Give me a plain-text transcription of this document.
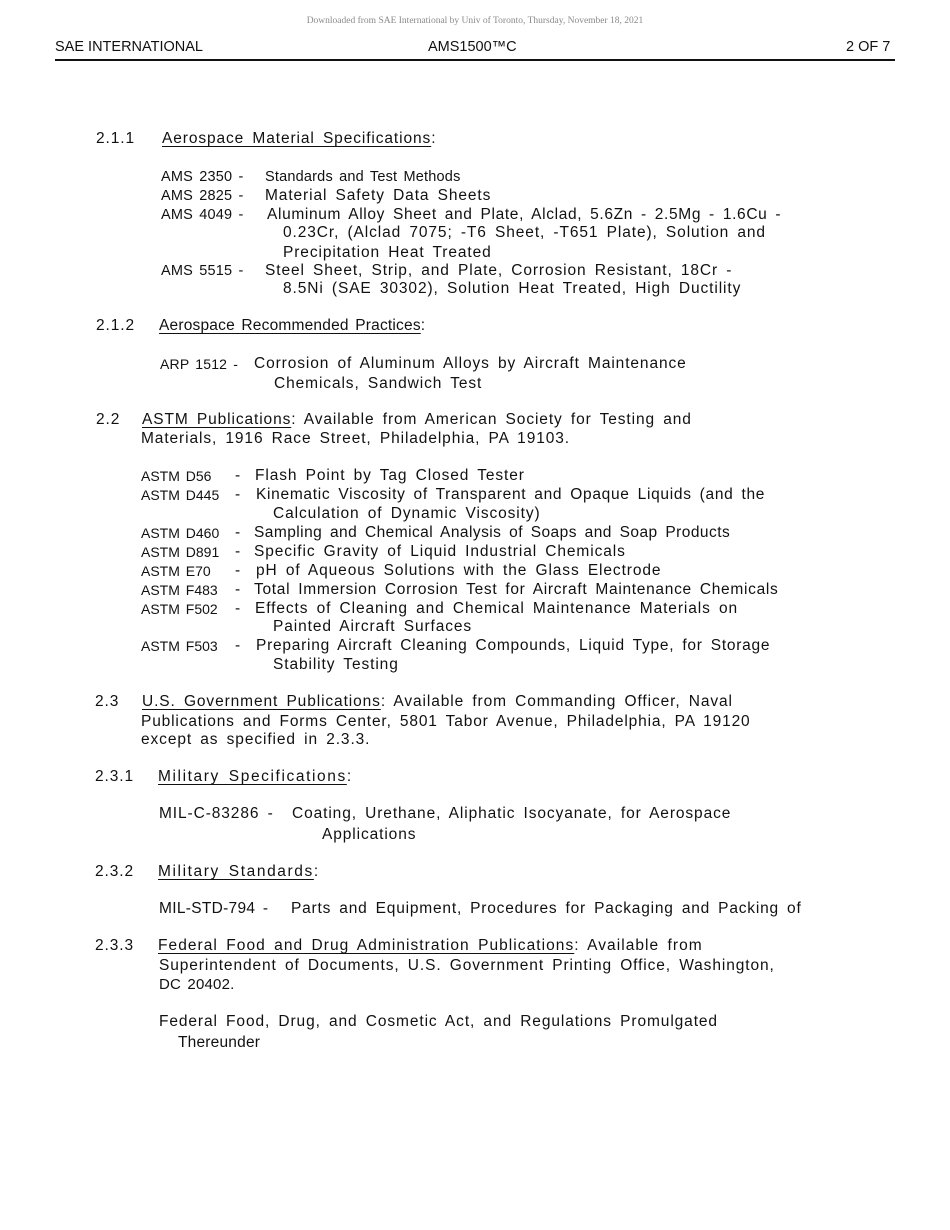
Downloaded from SAE International by Univ of Toronto, Thursday, November 18, 2021
SAE INTERNATIONAL	AMS1500™C	2 OF 7
2.1.1 Aerospace Material Specifications:
AMS 2350 - Standards and Test Methods
AMS 2825 - Material Safety Data Sheets
AMS 4049 - Aluminum Alloy Sheet and Plate, Alclad, 5.6Zn - 2.5Mg - 1.6Cu -
0.23Cr, (Alclad 7075; -T6 Sheet, -T651 Plate), Solution and
Precipitation Heat Treated
AMS 5515 - Steel Sheet, Strip, and Plate, Corrosion Resistant, 18Cr -
8.5Ni (SAE 30302), Solution Heat Treated, High Ductility
2.1.2 Aerospace Recommended Practices:
ARP 1512 - Corrosion of Aluminum Alloys by Aircraft Maintenance
Chemicals, Sandwich Test
2.2 ASTM Publications: Available from American Society for Testing and
Materials, 1916 Race Street, Philadelphia, PA 19103.
ASTM D56 - Flash Point by Tag Closed Tester
ASTM D445 - Kinematic Viscosity of Transparent and Opaque Liquids (and the
Calculation of Dynamic Viscosity)
ASTM D460 - Sampling and Chemical Analysis of Soaps and Soap Products
ASTM D891 - Specific Gravity of Liquid Industrial Chemicals
ASTM E70 - pH of Aqueous Solutions with the Glass Electrode
ASTM F483 - Total Immersion Corrosion Test for Aircraft Maintenance Chemicals
ASTM F502 - Effects of Cleaning and Chemical Maintenance Materials on
Painted Aircraft Surfaces
ASTM F503 - Preparing Aircraft Cleaning Compounds, Liquid Type, for Storage
Stability Testing
2.3 U.S. Government Publications: Available from Commanding Officer, Naval
Publications and Forms Center, 5801 Tabor Avenue, Philadelphia, PA 19120
except as specified in 2.3.3.
2.3.1 Military Specifications:
MIL-C-83286 - Coating, Urethane, Aliphatic Isocyanate, for Aerospace
Applications
2.3.2 Military Standards:
MIL-STD-794 - Parts and Equipment, Procedures for Packaging and Packing of
2.3.3 Federal Food and Drug Administration Publications: Available from
Superintendent of Documents, U.S. Government Printing Office, Washington,
DC 20402.
Federal Food, Drug, and Cosmetic Act, and Regulations Promulgated
Thereunder
